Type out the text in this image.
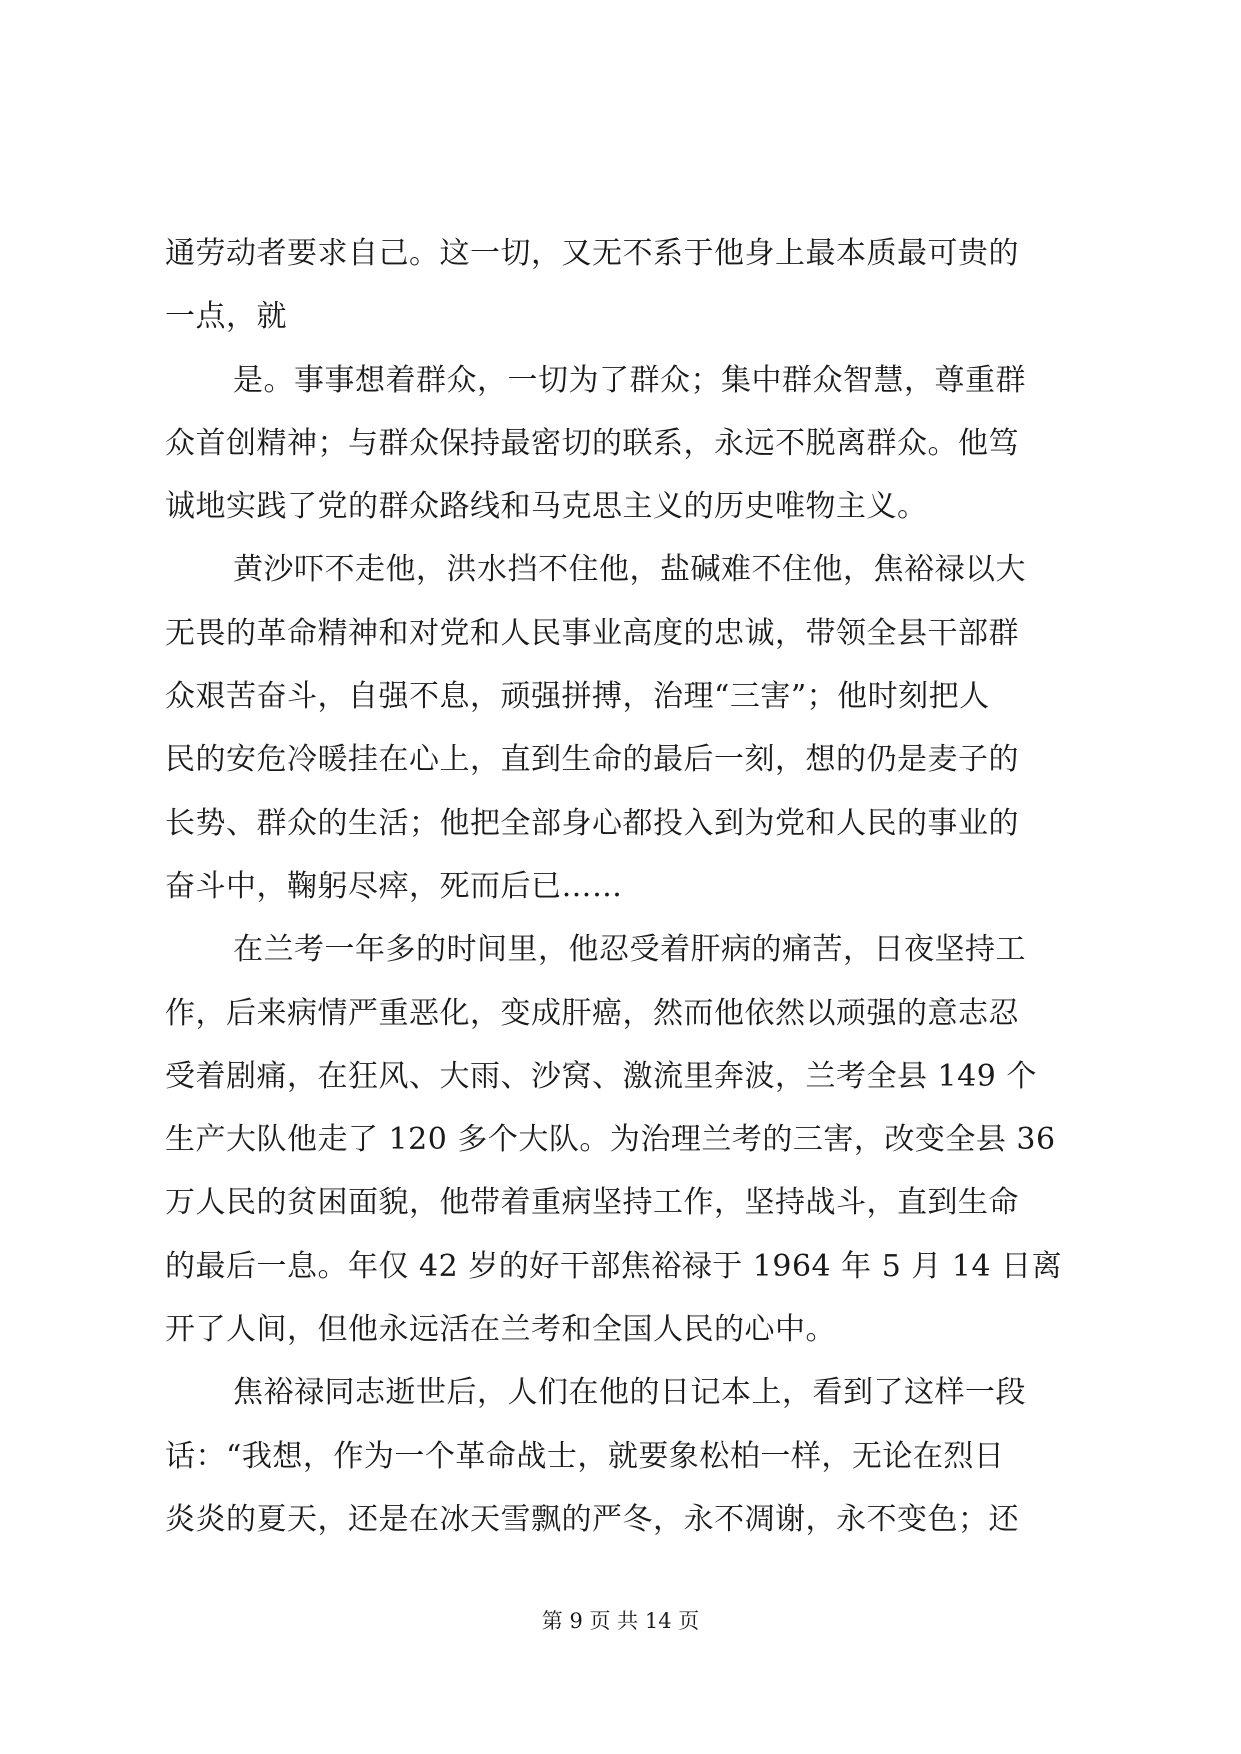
通劳动者要求自己。这一切，又无不系于他身上最本质最可贵的
一点，就
是。事事想着群众，一切为了群众；集中群众智慧，尊重群
众首创精神；与群众保持最密切的联系，永远不脱离群众。他笃
诚地实践了党的群众路线和马克思主义的历史唯物主义。
黄沙吓不走他，洪水挡不住他，盐碱难不住他，焦裕禄以大
无畏的革命精神和对党和人民事业高度的忠诚，带领全县干部群
众艰苦奋斗，自强不息，顽强拼搏，治理“三害”；他时刻把人
民的安危冷暖挂在心上，直到生命的最后一刻，想的仍是麦子的
长势、群众的生活；他把全部身心都投入到为党和人民的事业的
奋斗中，鞠躬尽瘁，死而后已……
在兰考一年多的时间里，他忍受着肝病的痛苦，日夜坚持工
作，后来病情严重恶化，变成肝癌，然而他依然以顽强的意志忍
受着剧痛，在狂风、大雨、沙窝、激流里奔波，兰考全县 149 个
生产大队他走了 120 多个大队。为治理兰考的三害，改变全县 36
万人民的贫困面貌，他带着重病坚持工作，坚持战斗，直到生命
的最后一息。年仅 42 岁的好干部焦裕禄于 1964 年 5 月 14 日离
开了人间，但他永远活在兰考和全国人民的心中。
焦裕禄同志逝世后，人们在他的日记本上，看到了这样一段
话：“我想，作为一个革命战士，就要象松柏一样，无论在烈日
炎炎的夏天，还是在冰天雪飘的严冬，永不凋谢，永不变色；还
第 9 页 共 14 页
